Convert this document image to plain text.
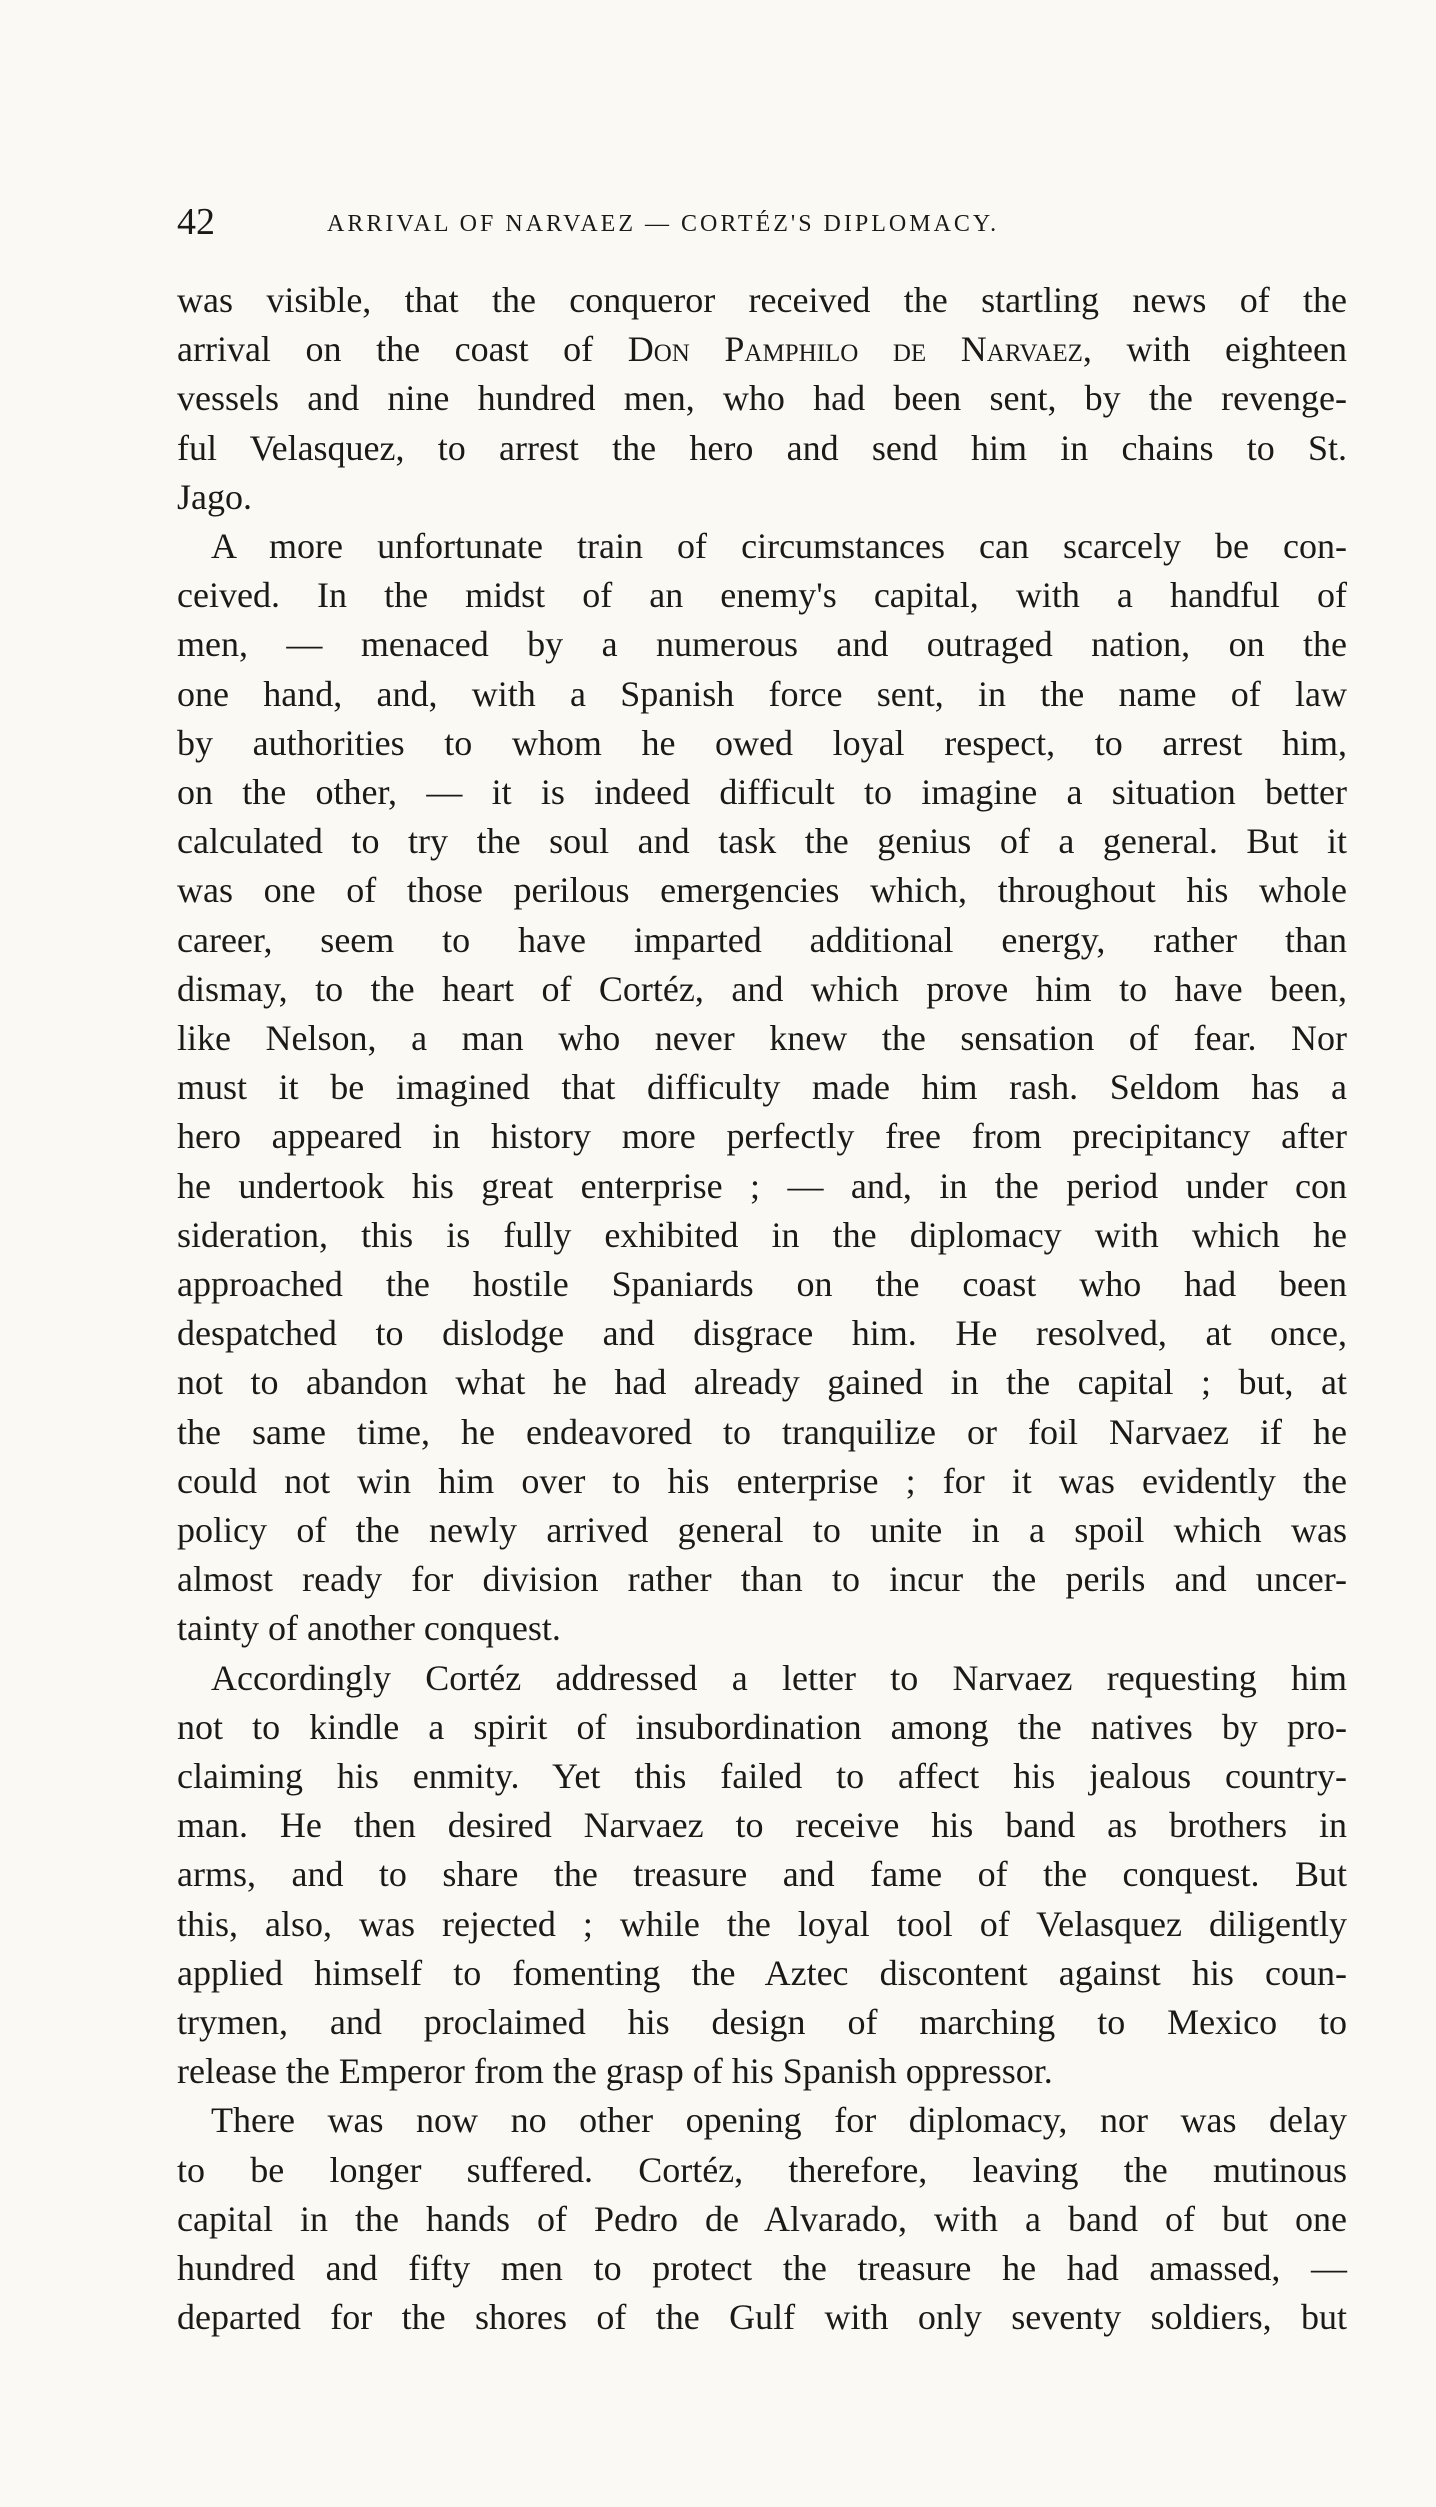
42	ARRIVAL OF NARVAEZ — CORTÉZ'S DIPLOMACY.
was visible, that the conqueror received the startling news of the
arrival on the coast of Don Pamphilo de Narvaez, with eighteen
vessels and nine hundred men, who had been sent, by the revenge-
ful Velasquez, to arrest the hero and send him in chains to St.
Jago.
A more unfortunate train of circumstances can scarcely be con-
ceived. In the midst of an enemy's capital, with a handful of
men, — menaced by a numerous and outraged nation, on the
one hand, and, with a Spanish force sent, in the name of law
by authorities to whom he owed loyal respect, to arrest him,
on the other, — it is indeed difficult to imagine a situation better
calculated to try the soul and task the genius of a general. But it
was one of those perilous emergencies which, throughout his whole
career, seem to have imparted additional energy, rather than
dismay, to the heart of Cortéz, and which prove him to have been,
like Nelson, a man who never knew the sensation of fear. Nor
must it be imagined that difficulty made him rash. Seldom has a
hero appeared in history more perfectly free from precipitancy after
he undertook his great enterprise ; — and, in the period under con
sideration, this is fully exhibited in the diplomacy with which he
approached the hostile Spaniards on the coast who had been
despatched to dislodge and disgrace him. He resolved, at once,
not to abandon what he had already gained in the capital ; but, at
the same time, he endeavored to tranquilize or foil Narvaez if he
could not win him over to his enterprise ; for it was evidently the
policy of the newly arrived general to unite in a spoil which was
almost ready for division rather than to incur the perils and uncer-
tainty of another conquest.
Accordingly Cortéz addressed a letter to Narvaez requesting him
not to kindle a spirit of insubordination among the natives by pro-
claiming his enmity. Yet this failed to affect his jealous country-
man. He then desired Narvaez to receive his band as brothers in
arms, and to share the treasure and fame of the conquest. But
this, also, was rejected ; while the loyal tool of Velasquez diligently
applied himself to fomenting the Aztec discontent against his coun-
trymen, and proclaimed his design of marching to Mexico to
release the Emperor from the grasp of his Spanish oppressor.
There was now no other opening for diplomacy, nor was delay
to be longer suffered. Cortéz, therefore, leaving the mutinous
capital in the hands of Pedro de Alvarado, with a band of but one
hundred and fifty men to protect the treasure he had amassed, —
departed for the shores of the Gulf with only seventy soldiers, but
